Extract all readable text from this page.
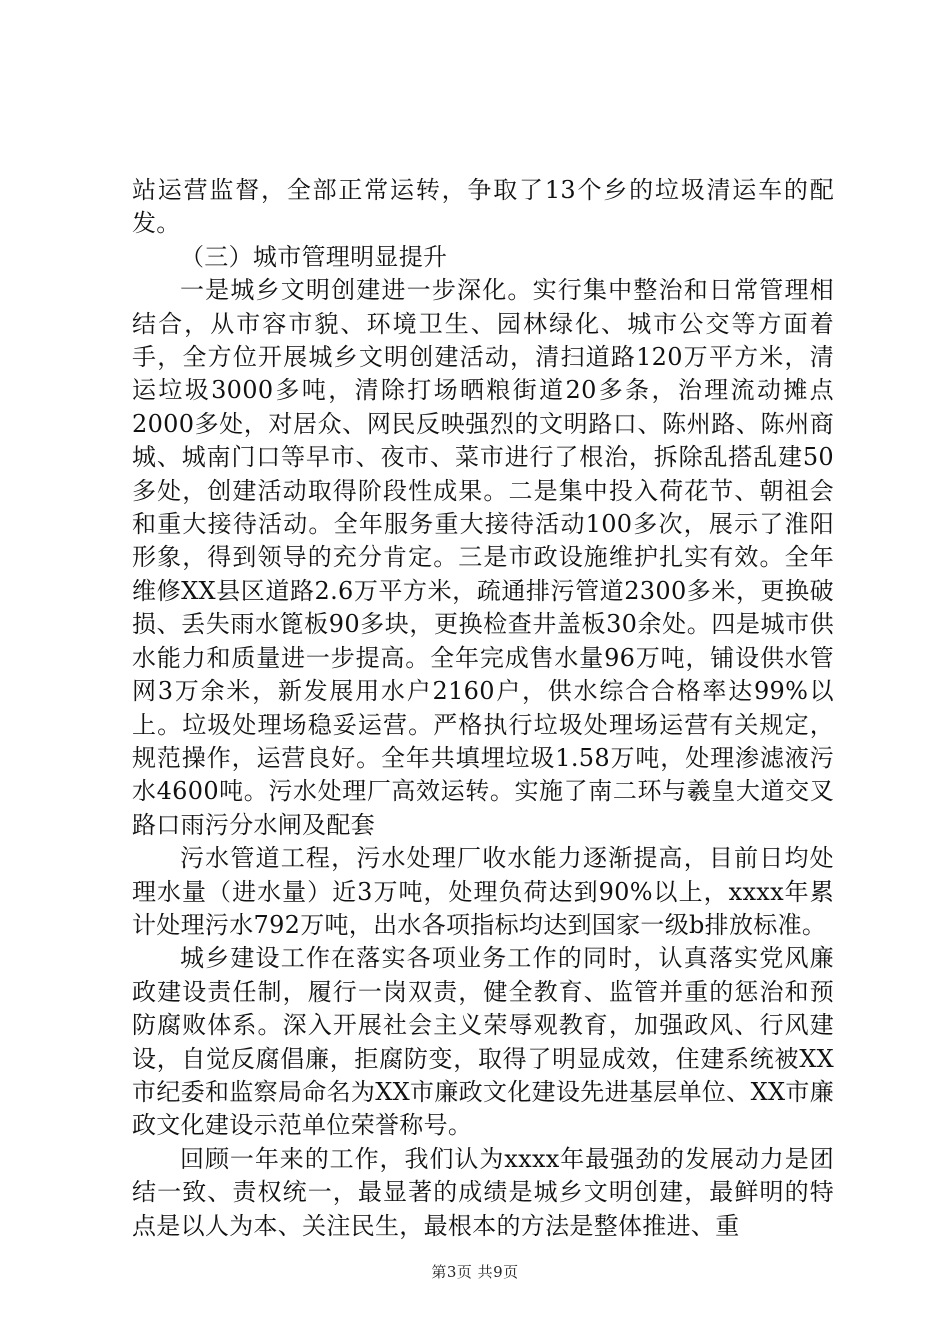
站运营监督，全部正常运转，争取了13个乡的垃圾清运车的配发。

（三）城市管理明显提升

一是城乡文明创建进一步深化。实行集中整治和日常管理相结合，从市容市貌、环境卫生、园林绿化、城市公交等方面着手，全方位开展城乡文明创建活动，清扫道路120万平方米，清运垃圾3000多吨，清除打场晒粮街道20多条，治理流动摊点2000多处，对居众、网民反映强烈的文明路口、陈州路、陈州商城、城南门口等早市、夜市、菜市进行了根治，拆除乱搭乱建50多处，创建活动取得阶段性成果。二是集中投入荷花节、朝祖会和重大接待活动。全年服务重大接待活动100多次，展示了淮阳形象，得到领导的充分肯定。三是市政设施维护扎实有效。全年维修XX县区道路2.6万平方米，疏通排污管道2300多米，更换破损、丢失雨水篦板90多块，更换检查井盖板30余处。四是城市供水能力和质量进一步提高。全年完成售水量96万吨，铺设供水管网3万余米，新发展用水户2160户，供水综合合格率达99%以上。垃圾处理场稳妥运营。严格执行垃圾处理场运营有关规定，规范操作，运营良好。全年共填埋垃圾1.58万吨，处理渗滤液污水4600吨。污水处理厂高效运转。实施了南二环与羲皇大道交叉路口雨污分水闸及配套

污水管道工程，污水处理厂收水能力逐渐提高，目前日均处理水量（进水量）近3万吨，处理负荷达到90%以上，xxxx年累计处理污水792万吨，出水各项指标均达到国家一级b排放标准。

城乡建设工作在落实各项业务工作的同时，认真落实党风廉政建设责任制，履行一岗双责，健全教育、监管并重的惩治和预防腐败体系。深入开展社会主义荣辱观教育，加强政风、行风建设，自觉反腐倡廉，拒腐防变，取得了明显成效，住建系统被XX市纪委和监察局命名为XX市廉政文化建设先进基层单位、XX市廉政文化建设示范单位荣誉称号。

回顾一年来的工作，我们认为xxxx年最强劲的发展动力是团结一致、责权统一，最显著的成绩是城乡文明创建，最鲜明的特点是以人为本、关注民生，最根本的方法是整体推进、重

第3页 共9页
